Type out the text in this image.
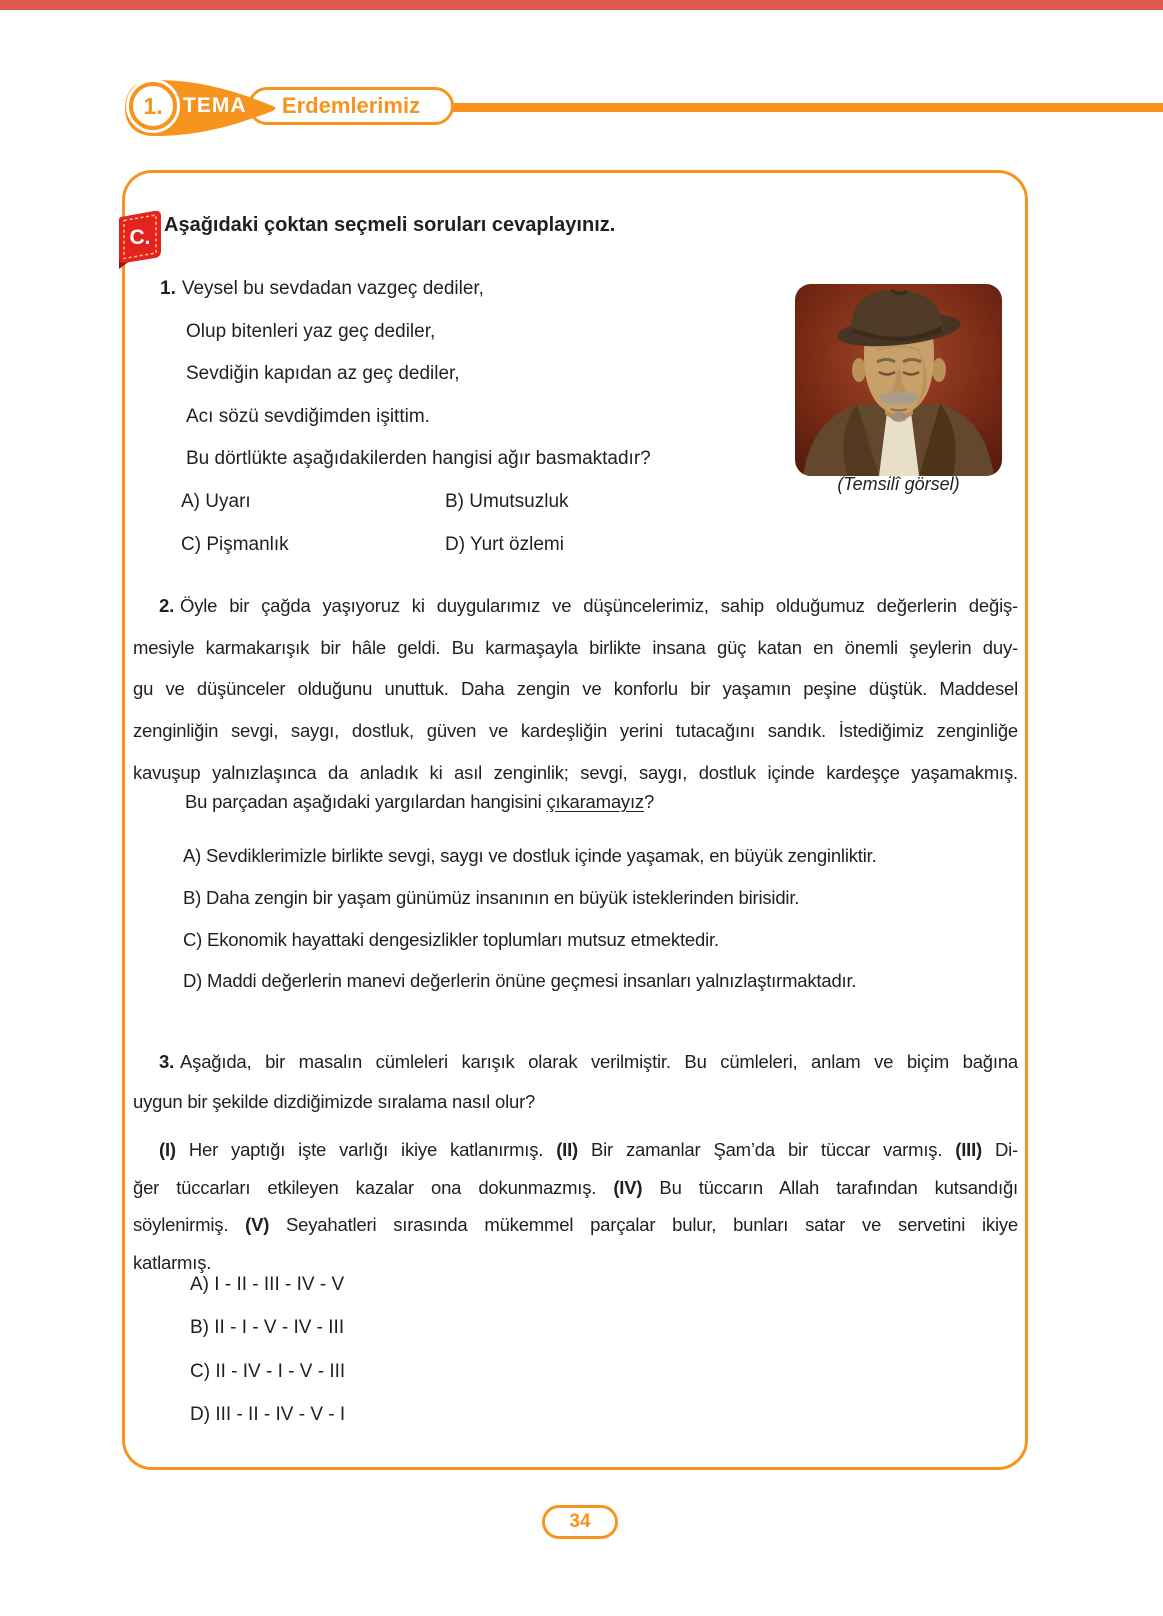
Erdemlerimiz
1. TEMA
C.
Aşağıdaki çoktan seçmeli soruları cevaplayınız.
1. Veysel bu sevdadan vazgeç dediler,
Olup bitenleri yaz geç dediler,
Sevdiğin kapıdan az geç dediler,
Acı sözü sevdiğimden işittim.
Bu dörtlükte aşağıdakilerden hangisi ağır basmaktadır?
A) Uyarı	B) Umutsuzluk
C) Pişmanlık	D) Yurt özlemi
(Temsilî görsel)
2. Öyle bir çağda yaşıyoruz ki duygularımız ve düşüncelerimiz, sahip olduğumuz değerlerin değiş-
mesiyle karmakarışık bir hâle geldi. Bu karmaşayla birlikte insana güç katan en önemli şeylerin duy-
gu ve düşünceler olduğunu unuttuk. Daha zengin ve konforlu bir yaşamın peşine düştük. Maddesel
zenginliğin sevgi, saygı, dostluk, güven ve kardeşliğin yerini tutacağını sandık. İstediğimiz zenginliğe
kavuşup yalnızlaşınca da anladık ki asıl zenginlik; sevgi, saygı, dostluk içinde kardeşçe yaşamakmış.
Bu parçadan aşağıdaki yargılardan hangisini çıkaramayız?
A) Sevdiklerimizle birlikte sevgi, saygı ve dostluk içinde yaşamak, en büyük zenginliktir.
B) Daha zengin bir yaşam günümüz insanının en büyük isteklerinden birisidir.
C) Ekonomik hayattaki dengesizlikler toplumları mutsuz etmektedir.
D) Maddi değerlerin manevi değerlerin önüne geçmesi insanları yalnızlaştırmaktadır.
3. Aşağıda, bir masalın cümleleri karışık olarak verilmiştir. Bu cümleleri, anlam ve biçim bağına
uygun bir şekilde dizdiğimizde sıralama nasıl olur?
(I) Her yaptığı işte varlığı ikiye katlanırmış. (II) Bir zamanlar Şam’da bir tüccar varmış. (III) Di-
ğer tüccarları etkileyen kazalar ona dokunmazmış. (IV) Bu tüccarın Allah tarafından kutsandığı
söylenirmiş. (V) Seyahatleri sırasında mükemmel parçalar bulur, bunları satar ve servetini ikiye
katlarmış.
A) I - II - III - IV - V
B) II - I - V - IV - III
C) II - IV - I - V - III
D) III - II - IV - V - I
34
